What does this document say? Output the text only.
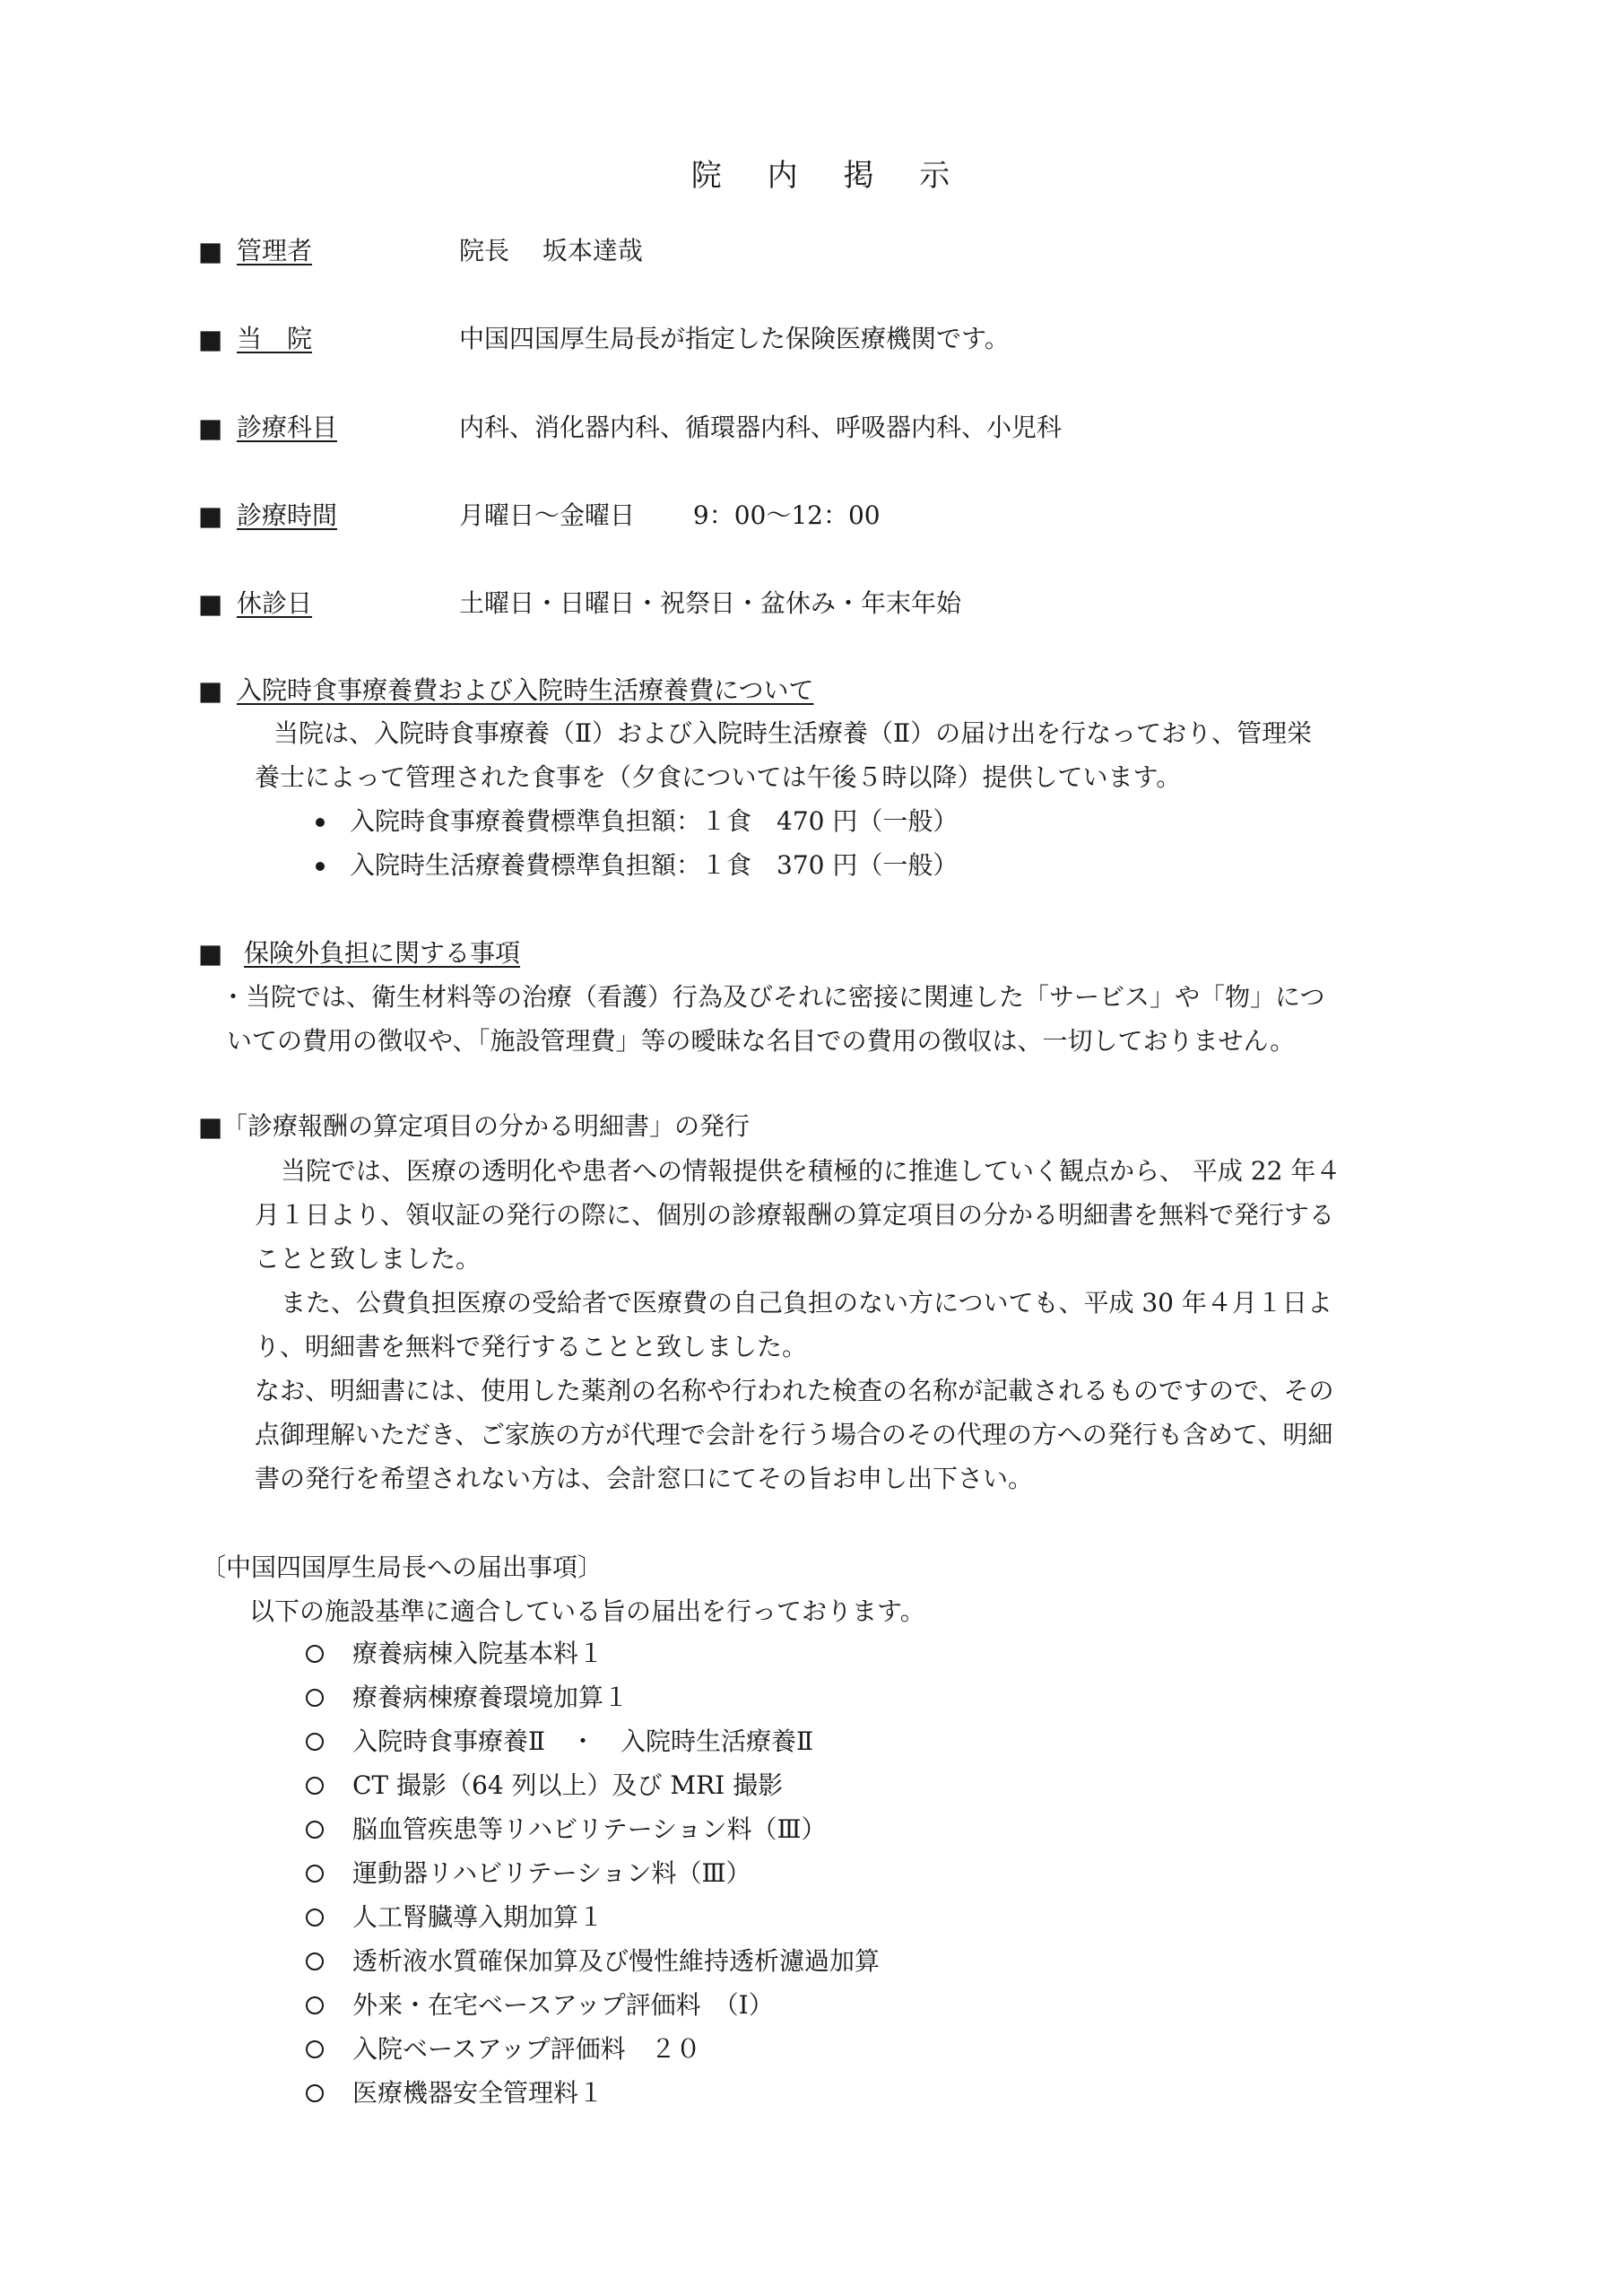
院 内 掲 示
■ 管理者	院長　 坂本達哉
■ 当　院	中国四国厚生局長が指定した保険医療機関です。
■ 診療科目	内科、消化器内科、循環器内科、呼吸器内科、小児科
■ 診療時間	月曜日～金曜日　　 9：00～12：00
■ 休診日	土曜日・日曜日・祝祭日・盆休み・年末年始
■ 入院時食事療養費および入院時生活療養費について
当院は、入院時食事療養（Ⅱ）および入院時生活療養（Ⅱ）の届け出を行なっており、管理栄
養士によって管理された食事を（夕食については午後５時以降）提供しています。
入院時食事療養費標準負担額：１食　470 円（一般）
入院時生活療養費標準負担額：１食　370 円（一般）
■ 保険外負担に関する事項
・当院では、衛生材料等の治療（看護）行為及びそれに密接に関連した「サービス」や「物」につ
いての費用の徴収や、「施設管理費」等の曖昧な名目での費用の徴収は、一切しておりません。
■ 「診療報酬の算定項目の分かる明細書」の発行
当院では、医療の透明化や患者への情報提供を積極的に推進していく観点から、 平成 22 年４
月１日より、領収証の発行の際に、個別の診療報酬の算定項目の分かる明細書を無料で発行する
ことと致しました。
また、公費負担医療の受給者で医療費の自己負担のない方についても、平成 30 年４月１日よ
り、明細書を無料で発行することと致しました。
なお、明細書には、使用した薬剤の名称や行われた検査の名称が記載されるものですので、その
点御理解いただき、ご家族の方が代理で会計を行う場合のその代理の方への発行も含めて、明細
書の発行を希望されない方は、会計窓口にてその旨お申し出下さい。
〔中国四国厚生局長への届出事項〕
以下の施設基準に適合している旨の届出を行っております。
療養病棟入院基本料１
療養病棟療養環境加算１
入院時食事療養Ⅱ　・　入院時生活療養Ⅱ
CT 撮影（64 列以上）及び MRI 撮影
脳血管疾患等リハビリテーション料（Ⅲ）
運動器リハビリテーション料（Ⅲ）
人工腎臓導入期加算１
透析液水質確保加算及び慢性維持透析濾過加算
外来・在宅ベースアップ評価料　（Ⅰ）
入院ベースアップ評価料　２０
医療機器安全管理料１
